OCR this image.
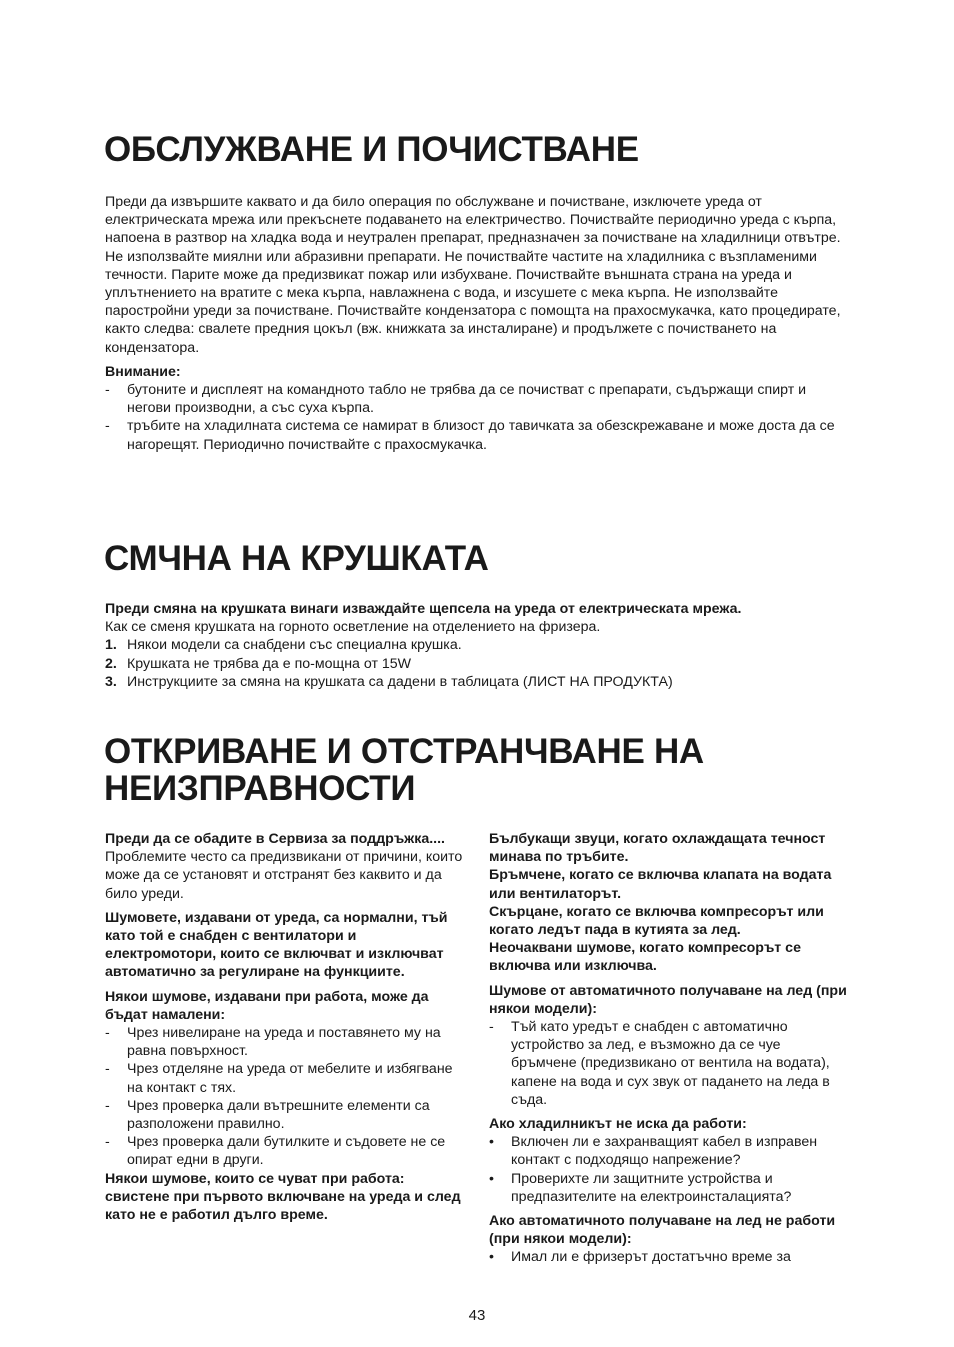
ОБСЛУЖВАНЕ И ПОЧИСТВАНЕ

Преди да извършите каквато и да било операция по обслужване и почистване, изключете уреда от електрическата мрежа или прекъснете подаването на електричество. Почиствайте периодично уреда с кърпа, напоена в разтвор на хладка вода и неутрален препарат, предназначен за почистване на хладилници отвътре. Не използвайте миялни или абразивни препарати. Не почиствайте частите на хладилника с възпламеними течности. Парите може да предизвикат пожар или избухване. Почиствайте външната страна на уреда и уплътнението на вратите с мека кърпа, навлажнена с вода, и изсушете с мека кърпа. Не използвайте паростройни уреди за почистване. Почиствайте кондензатора с помощта на прахосмукачка, като процедирате, както следва: свалете предния цокъл (вж. книжката за инсталиране) и продължете с почистването на кондензатора.

Внимание:

- бутоните и дисплеят на командното табло не трябва да се почистват с препарати, съдържащи спирт и негови производни, а със суха кърпа.
- тръбите на хладилната система се намират в близост до тавичката за обезскрежаване и може доста да се нагорещят. Периодично почиствайте с прахосмукачка.
СМЧНА НА КРУШКАТА

Преди смяна на крушката винаги изваждайте щепсела на уреда от електрическата мрежа.

Как се сменя крушката на горното осветление на отделението на фризера.

1. Някои модели са снабдени със специална крушка.
2. Крушката не трябва да е по-мощна от 15W
3. Инструкциите за смяна на крушката са дадени в таблицата (ЛИСТ НА ПРОДУКТА)
ОТКРИВАНЕ И ОТСТРАНЧВАНЕ НА
НЕИЗПРАВНОСТИ

Преди да се обадите в Сервиза за поддръжка....

Проблемите често са предизвикани от причини, които може да се установят и отстранят без каквито и да било уреди.

Шумовете, издавани от уреда, са нормални, тъй като той е снабден с вентилатори и електромотори, които се включват и изключват автоматично за регулиране на функциите.

Някои шумове, издавани при работа, може да бъдат намалени:

- Чрез нивелиране на уреда и поставянето му на равна повърхност.
- Чрез отделяне на уреда от мебелите и избягване на контакт с тях.
- Чрез проверка дали вътрешните елементи са разположени правилно.
- Чрез проверка дали бутилките и съдовете не се опират едни в други.

Някои шумове, които се чуват при работа: свистене при първото включване на уреда и след като не е работил дълго време.

Бълбукащи звуци, когато охлаждащата течност минава по тръбите.

Бръмчене, когато се включва клапата на водата или вентилаторът.

Скърцане, когато се включва компресорът или когато ледът пада в кутията за лед.

Неочаквани шумове, когато компресорът се включва или изключва.

Шумове от автоматичното получаване на лед (при някои модели):

- Тъй като уредът е снабден с автоматично устройство за лед, е възможно да се чуе бръмчене (предизвикано от вентила на водата), капене на вода и сух звук от падането на леда в съда.

Ако хладилникът не иска да работи:

• Включен ли е захранващият кабел в изправен контакт с подходящо напрежение?
• Проверихте ли защитните устройства и предпазителите на електроинсталацията?

Ако автоматичното получаване на лед не работи (при някои модели):

• Имал ли е фризерът достатъчно време за
43
